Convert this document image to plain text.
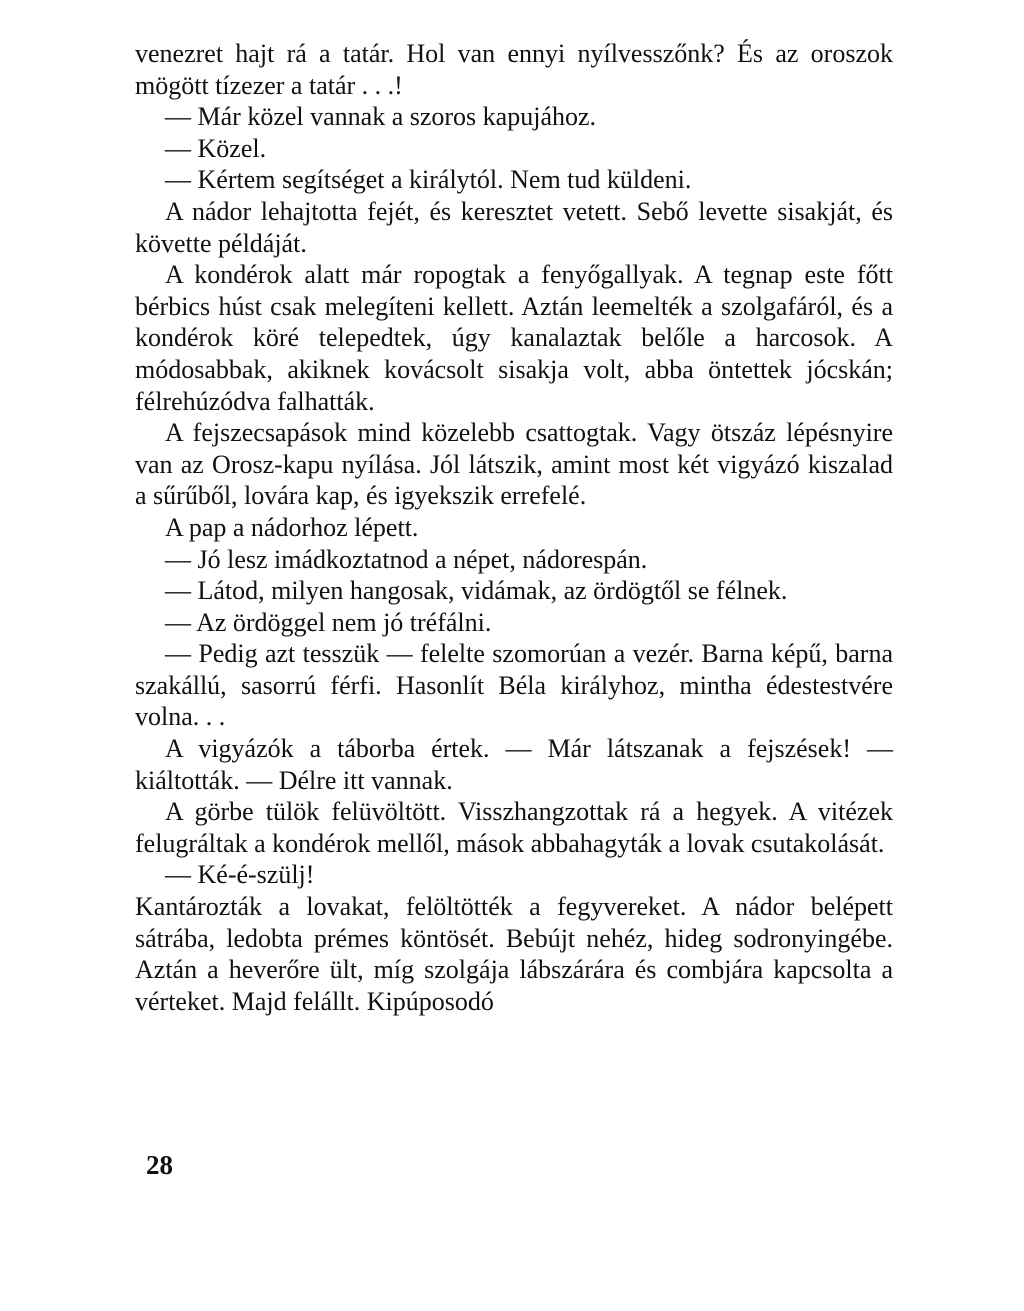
venezret hajt rá a tatár. Hol van ennyi nyílvesszőnk? És az oroszok mögött tízezer a tatár . . .!

— Már közel vannak a szoros kapujához.

— Közel.

— Kértem segítséget a királytól. Nem tud küldeni.

A nádor lehajtotta fejét, és keresztet vetett. Sebő levette sisakját, és követte példáját.

A kondérok alatt már ropogtak a fenyőgallyak. A tegnap este főtt bérbics húst csak melegíteni kellett. Aztán leemelték a szolgafáról, és a kondérok köré telepedtek, úgy kanalaztak belőle a harcosok. A módosabbak, akiknek kovácsolt sisakja volt, abba öntettek jócskán; félrehúzódva falhatták.

A fejszecsapások mind közelebb csattogtak. Vagy ötszáz lépésnyire van az Orosz-kapu nyílása. Jól látszik, amint most két vigyázó kiszalad a sűrűből, lovára kap, és igyekszik errefelé.

A pap a nádorhoz lépett.

— Jó lesz imádkoztatnod a népet, nádorespán.

— Látod, milyen hangosak, vidámak, az ördögtől se félnek.

— Az ördöggel nem jó tréfálni.

— Pedig azt tesszük — felelte szomorúan a vezér. Barna képű, barna szakállú, sasorrú férfi. Hasonlít Béla királyhoz, mintha édestestvére volna. . .

A vigyázók a táborba értek. — Már látszanak a fejszések! — kiáltották. — Délre itt vannak.

A görbe tülök felüvöltött. Visszhangzottak rá a hegyek. A vitézek felugráltak a kondérok mellől, mások abbahagyták a lovak csutakolását.

— Ké-é-szülj!

Kantározták a lovakat, felöltötték a fegyvereket. A nádor belépett sátrába, ledobta prémes köntösét. Bebújt nehéz, hideg sodronyingébe. Aztán a heverőre ült, míg szolgája lábszárára és combjára kapcsolta a vérteket. Majd felállt. Kipúposodó

28
